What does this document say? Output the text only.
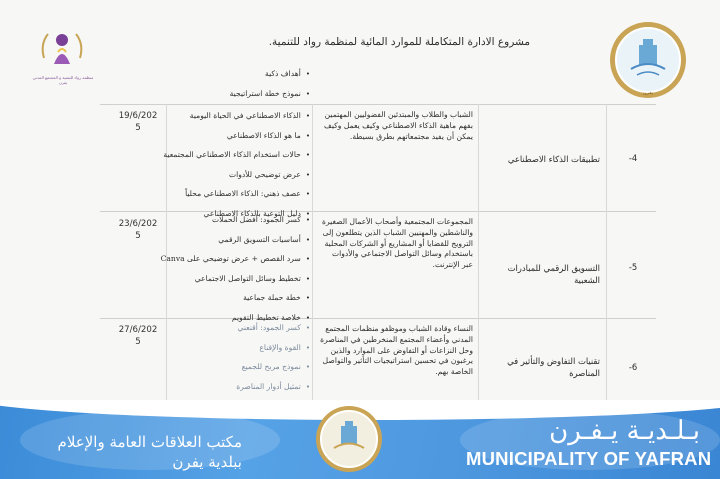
مشروع الادارة المتكاملة للموارد المائية لمنظمة رواد للتنمية.
منظمة رواد للتنمية و المجتمع المدني يفرن
يفرن
• أهداف ذكية
• نموذج خطة استراتيجية
19/6/202
5
• الذكاء الاصطناعي في الحياة اليومية
• ما هو الذكاء الاصطناعي
• حالات استخدام الذكاء الاصطناعي المجتمعية
• عرض توضيحي للأدوات
• عصف ذهني: الذكاء الاصطناعي محلياً
• دليل التوعية بالذكاء الاصطناعي
الشباب والطلاب والمبتدئين الفضوليين المهتمين بفهم ماهية الذكاء الاصطناعي وكيف يعمل وكيف يمكن أن يفيد مجتمعاتهم بطرق بسيطة.
تطبيقات الذكاء الاصطناعي	-4
23/6/202
5
• كسر الجمود: أفضل الحملات
• أساسيات التسويق الرقمي
• سرد القصص + عرض توضيحي على Canva
• تخطيط وسائل التواصل الاجتماعي
• خطة حملة جماعية
• خلاصة تخطيط التقويم
المجموعات المجتمعية وأصحاب الأعمال الصغيرة والناشطين والمهنيين الشباب الذين يتطلعون إلى الترويج للقضايا أو المشاريع أو الشركات المحلية باستخدام وسائل التواصل الاجتماعي والأدوات عبر الإنترنت.	التسويق الرقمي للمبادرات الشعبية
-5
27/6/202
5
• كسر الجمود: أقنعني
• القوة والإقناع
• نموذج مربح للجميع
• تمثيل أدوار المناصرة
•
النساء وقادة الشباب وموظفو منظمات المجتمع المدني وأعضاء المجتمع المنخرطين في المناصرة وحل النزاعات أو التفاوض على الموارد والذين يرغبون في تحسين استراتيجيات التأثير والتواصل الخاصة بهم.
تقنيات التفاوض والتأثير في المناصرة
-6
مكتب العلاقات العامة والإعلام
ببلدية يفرن
بـلـديـة يـفـرن
MUNICIPALITY OF YAFRAN
